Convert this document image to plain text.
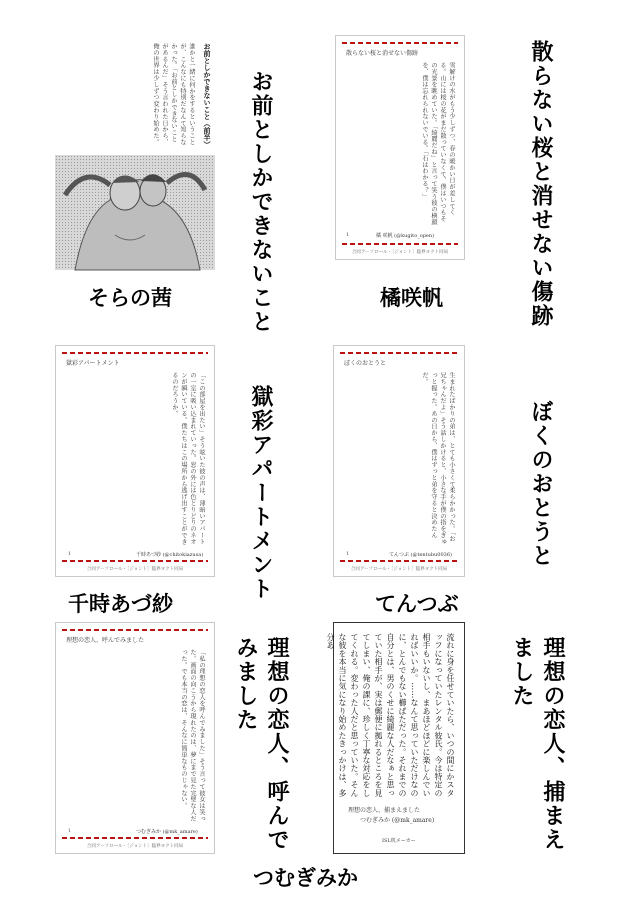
お前としかできないこと（前半）
誰かと一緒に何かをするということが、こんなにも特別だなんて知らなかった。「お前としかできないことがあるんだ」そう言われた日から、俺の世界は少しずつ変わり始めた。	お前としかできないこと
そらの茜
散らない桜と消せない傷跡
雪解けの水がもう少しずつ、春の暖かい日が差してくる。山には桜の花がまだ散っていなくて、僕はいつもその光景を眺めていた。「綺麗だね」と言って笑う彼の横顔を、僕は忘れられないでいる。「石はわかる？」
橘 咲帆 (@kugito_open)
1
合同アーソロ―ル・〔ジョント〕臨界ヨクト同局	散らない桜と消せない傷跡
橘咲帆
獄彩アパートメント
「この部屋を出たい」そう呟いた彼の声は、薄暗いアパートの一室に吸い込まれていった。窓の外には色とりどりのネオンが瞬いている。僕たちはこの場所から逃げ出すことができるのだろうか。
1	千時あづ紗 (@chitokiazusa)
合同アーソロ―ル・〔ジョント〕臨界ヨクト同局	獄彩アパートメント
千時あづ紗
ぼくのおとうと
生まれたばかりの弟は、とても小さくて柔らかかった。「お兄ちゃんだよ」そう話しかけると、小さな手が僕の指をぎゅっと握った。あの日から、僕はずっと弟を守ると決めたんだ。
1	てんつぶ (@tentubu0036)
合同アーソロ―ル・〔ジョント〕臨界ヨクト同局
ぼくのおとうと
てんつぶ
理想の恋人、呼んでみました
「私の理想の恋人を呼んでみました」そう言って彼女は笑った。画面の向こうから現れたのは、夢にまで見た完璧な人だった。でも本当の恋は、そんなに簡単なものじゃない。
1	つむぎみか (@mk_amare)
合同アーソロ―ル・〔ジョント〕臨界ヨクト同局	理想の恋人、呼んでみました	流れに身を任せていたら、いつの間にかスタッフになっていたレンタル彼氏。今は特定の相手もいないし、まあほどほどに楽しんでいればいいか。……なんて思っていただけなのに、とんでもない櫛ぱただった。それまでの自分とは、男のくせに綺麗な人だなぁと思っていた相手が、実は郵便に拠れるところを見てしまい、俺の課に、珍しく丁寧な対応をしてくれる。変わった人だと思っていた。そんな彼を本当に気になり始めたきっかけは、多分あ
理想の恋人、捕まえました
つむぎみか (@mk_amare)
ISL机メーカー	理想の恋人、捕まえました
つむぎみか
